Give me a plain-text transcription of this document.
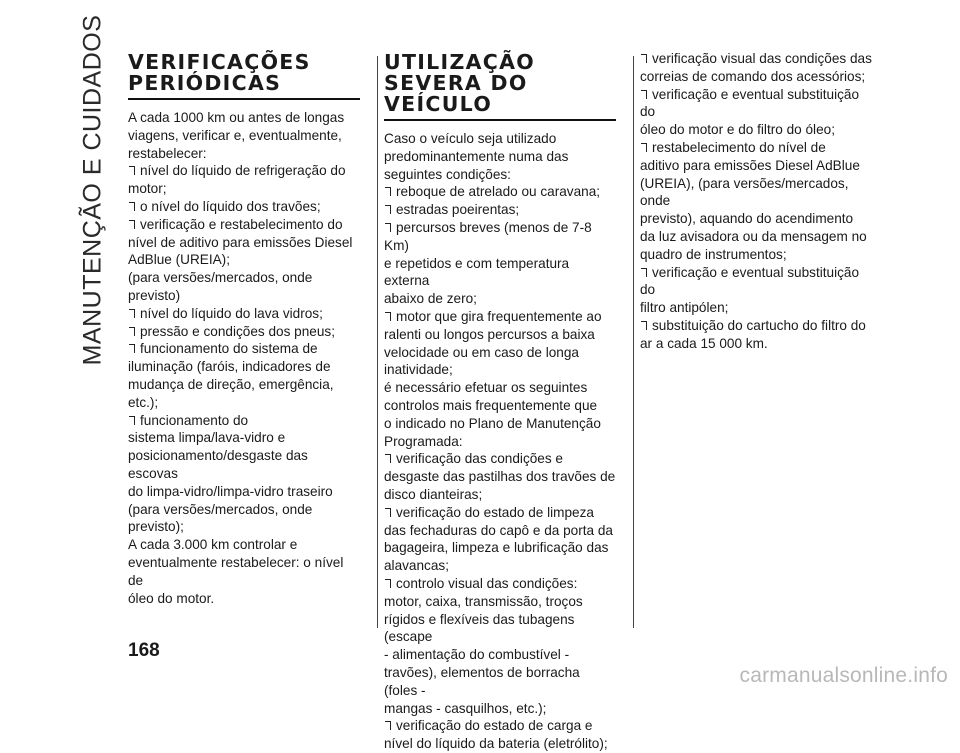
MANUTENÇÃO E CUIDADOS VERIFICAÇÕES PERIÓDICAS

A cada 1000 km ou antes de longas

viagens, verificar e, eventualmente,

restabelecer:

nível do líquido de refrigeração do

motor;

o nível do líquido dos travões;

verificação e restabelecimento do

nível de aditivo para emissões Diesel

AdBlue (UREIA);

(para versões/mercados, onde

previsto)

nível do líquido do lava vidros;

pressão e condições dos pneus;

funcionamento do sistema de

iluminação (faróis, indicadores de

mudança de direção, emergência,

etc.);

funcionamento do

sistema limpa/lava-vidro e

posicionamento/desgaste das escovas

do limpa-vidro/limpa-vidro traseiro

(para versões/mercados, onde

previsto);

A cada 3.000 km controlar e

eventualmente restabelecer: o nível de

óleo do motor.

UTILIZAÇÃO SEVERA DO VEÍCULO

Caso o veículo seja utilizado

predominantemente numa das

seguintes condições:

reboque de atrelado ou caravana;

estradas poeirentas;

percursos breves (menos de 7-8 Km)

e repetidos e com temperatura externa

abaixo de zero;

motor que gira frequentemente ao

ralenti ou longos percursos a baixa

velocidade ou em caso de longa

inatividade;

é necessário efetuar os seguintes

controlos mais frequentemente que

o indicado no Plano de Manutenção

Programada:

verificação das condições e

desgaste das pastilhas dos travões de

disco dianteiras;

verificação do estado de limpeza

das fechaduras do capô e da porta da

bagageira, limpeza e lubrificação das

alavancas;

controlo visual das condições:

motor, caixa, transmissão, troços

rígidos e flexíveis das tubagens (escape

- alimentação do combustível -

travões), elementos de borracha (foles -

mangas - casquilhos, etc.);

verificação do estado de carga e

nível do líquido da bateria (eletrólito);

verificação visual das condições das

correias de comando dos acessórios;

verificação e eventual substituição do

óleo do motor e do filtro do óleo;

restabelecimento do nível de

aditivo para emissões Diesel AdBlue

(UREIA), (para versões/mercados, onde

previsto), aquando do acendimento

da luz avisadora ou da mensagem no

quadro de instrumentos;

verificação e eventual substituição do

filtro antipólen;

substituição do cartucho do filtro do

ar a cada 15 000 km.

168
carmanualsonline.info
